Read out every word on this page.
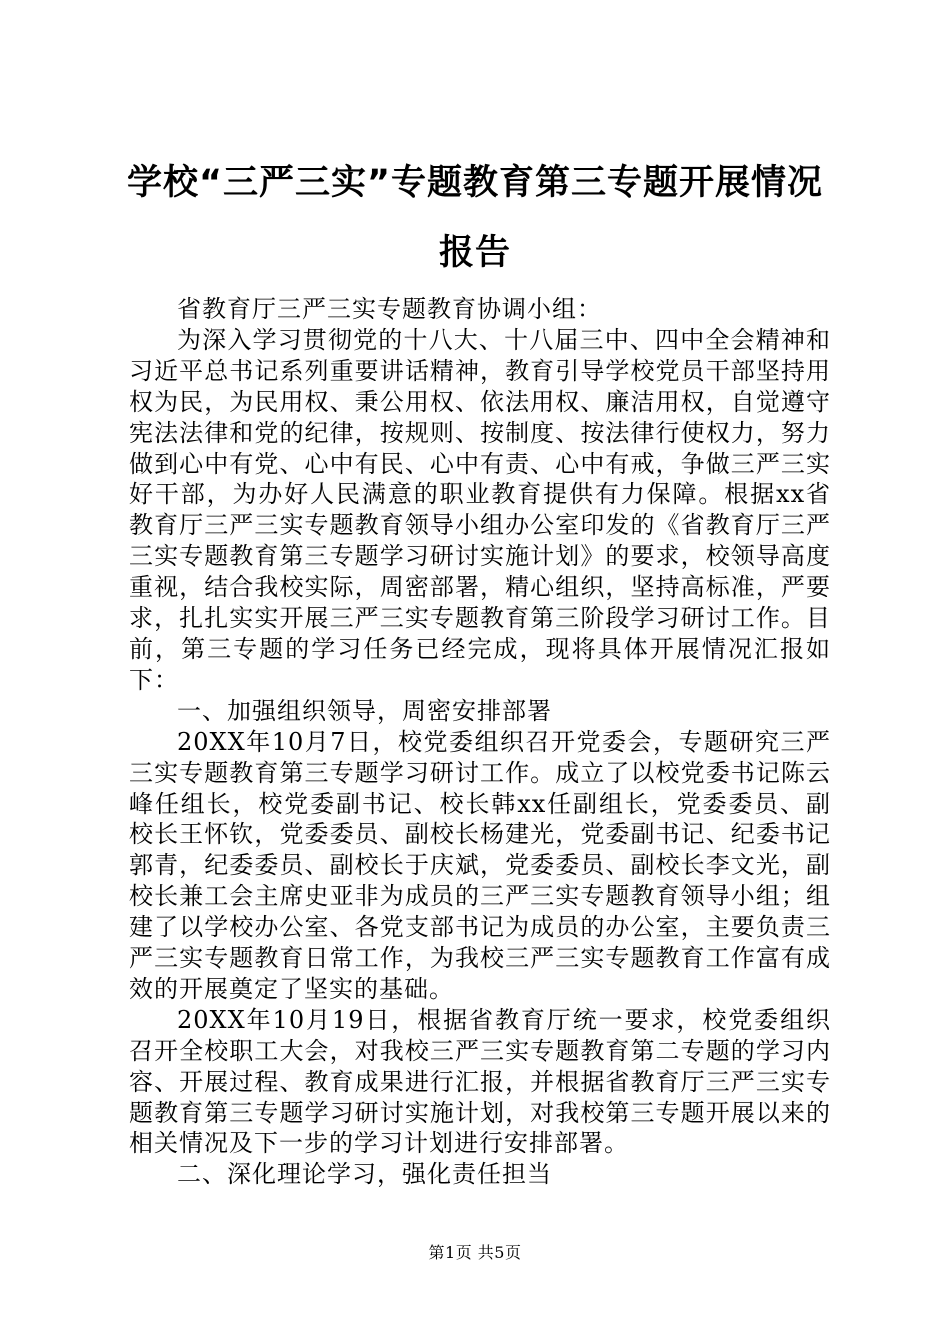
学校“三严三实”专题教育第三专题开展情况报告

省教育厅三严三实专题教育协调小组：

为深入学习贯彻党的十八大、十八届三中、四中全会精神和习近平总书记系列重要讲话精神，教育引导学校党员干部坚持用权为民，为民用权、秉公用权、依法用权、廉洁用权，自觉遵守宪法法律和党的纪律，按规则、按制度、按法律行使权力，努力做到心中有党、心中有民、心中有责、心中有戒，争做三严三实好干部，为办好人民满意的职业教育提供有力保障。根据xx省教育厅三严三实专题教育领导小组办公室印发的《省教育厅三严三实专题教育第三专题学习研讨实施计划》的要求，校领导高度重视，结合我校实际，周密部署，精心组织，坚持高标准，严要求，扎扎实实开展三严三实专题教育第三阶段学习研讨工作。目前，第三专题的学习任务已经完成，现将具体开展情况汇报如下：

一、加强组织领导，周密安排部署

20XX年10月7日，校党委组织召开党委会，专题研究三严三实专题教育第三专题学习研讨工作。成立了以校党委书记陈云峰任组长，校党委副书记、校长韩xx任副组长，党委委员、副校长王怀钦，党委委员、副校长杨建光，党委副书记、纪委书记郭青，纪委委员、副校长于庆斌，党委委员、副校长李文光，副校长兼工会主席史亚非为成员的三严三实专题教育领导小组；组建了以学校办公室、各党支部书记为成员的办公室，主要负责三严三实专题教育日常工作，为我校三严三实专题教育工作富有成效的开展奠定了坚实的基础。

20XX年10月19日，根据省教育厅统一要求，校党委组织召开全校职工大会，对我校三严三实专题教育第二专题的学习内容、开展过程、教育成果进行汇报，并根据省教育厅三严三实专题教育第三专题学习研讨实施计划，对我校第三专题开展以来的相关情况及下一步的学习计划进行安排部署。

二、深化理论学习，强化责任担当

第1页 共5页
